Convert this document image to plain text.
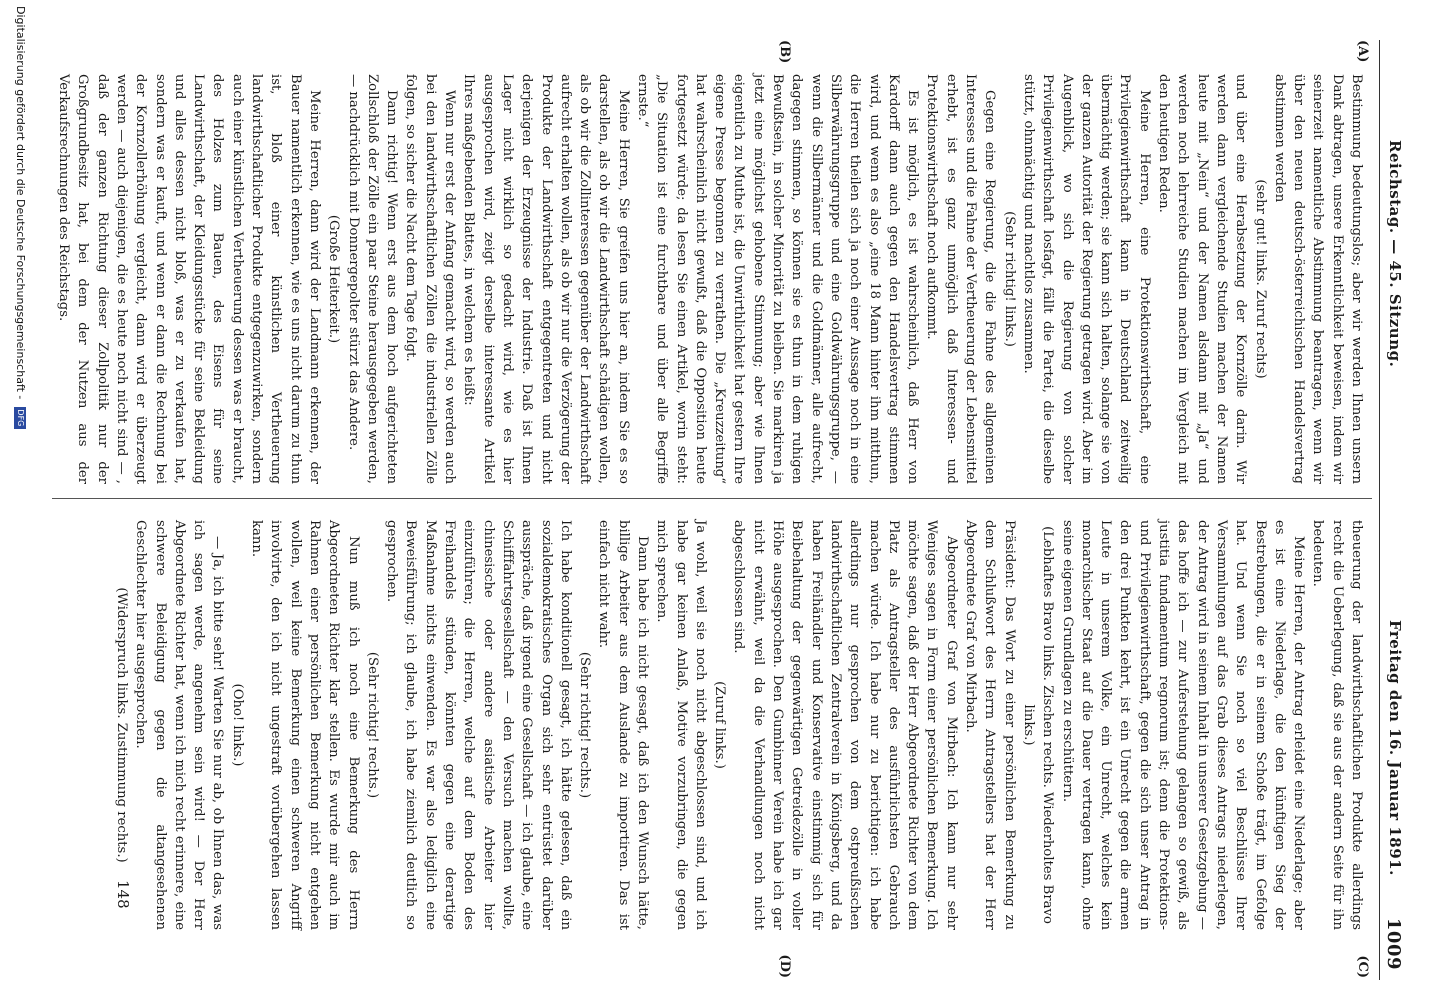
Reichstag. — 45. Sitzung.
Freitag den 16. Januar 1891.
1009
(A)
(B)
(C)
(D)

Bestimmung bedeutungslos; aber wir werden Ihnen unsern Dank abtragen, unsere Erkenntlichkeit beweisen, indem wir seinerzeit namentliche Abstimmung beantragen, wenn wir über den neuen deutsch-österreichischen Handelsvertrag abstimmen werden

(sehr gut! links. Zuruf rechts)

und über eine Herabsetzung der Kornzölle darin. Wir werden dann vergleichende Studien machen der Namen heute mit „Nein“ und der Namen alsdann mit „Ja“ und werden noch lehrreiche Studien machen im Vergleich mit den heutigen Reden.

Meine Herren, eine Protektionswirthschaft, eine Privilegienwirthschaft kann in Deutschland zeitweilig übermächtig werden; sie kann sich halten, solange sie von der ganzen Autorität der Regierung getragen wird. Aber im Augenblick, wo sich die Regierung von solcher Privilegienwirthschaft losfagt, fällt die Partei, die dieselbe stützt, ohnmächtig und machtlos zusammen.

(Sehr richtig! links.)

Gegen eine Regierung, die die Fahne des allgemeinen Interesses und die Fahne der Vertheuerung der Lebensmittel erhebt, ist es ganz unmöglich daß Interessen- und Protektionswirthschaft noch aufkommt.

Es ist möglich, es ist wahrscheinlich, daß Herr von Kardorff dann auch gegen den Handelsvertrag stimmen wird, und wenn es also „eine 18 Mann hinter ihm mitthun, die Herren theilen sich ja noch einer Aussage noch in eine Silberwährungsgruppe und eine Goldwährungsgruppe, — wenn die Silbermänner und die Goldmänner, alle aufrecht, dagegen stimmen, so können sie es thun in dem ruhigen Bewußtsein, in solcher Minorität zu bleiben. Sie markiren ja jetzt eine möglichst gehobene Stimmung; aber wie Ihnen eigentlich zu Muthe ist, die Unwirthlichkeit hat gestern Ihre eigene Presse begonnen zu verrathen. Die „Kreuzzeitung“ hat wahrscheinlich nicht gewußt, daß die Opposition heute fortgesetzt würde; da lesen Sie einen Artikel, worin steht: „Die Situation ist eine furchtbare und über alle Begriffe ernste.“

Meine Herren, Sie greifen uns hier an, indem Sie es so darstellen, als ob wir die Landwirthschaft schädigen wollen, als ob wir die Zollinteressen gegenüber der Landwirthschaft aufrecht erhalten wollen, als ob wir nur die Verzögerung der Produkte der Landwirthschaft entgegentreten und nicht derjenigen der Erzeugnisse der Industrie. Daß ist Ihnen Lager nicht wirklich so gedacht wird, wie es hier ausgesprochen wird, zeigt derselbe interessante Artikel Ihres maßgebenden Blattes, in welchem es heißt:

Wenn nur erst der Anfang gemacht wird, so werden auch bei den landwirthschaftlichen Zöllen die industriellen Zölle folgen, so sicher die Nacht dem Tage folgt.

Dann richtig! Wenn erst aus dem hoch aufgerichteten Zollschloß der Zölle ein paar Steine herausgegeben werden, — nachdrücklich mit Donnergepolter stürzt das Andere.

(Große Heiterkeit.)

Meine Herren, dann wird der Landmann erkennen, der Bauer namentlich erkennen, wie es uns nicht darum zu thun ist, bloß einer künstlichen Vertheuerung landwirthschaftlicher Produkte entgegenzuwirken, sondern auch einer künstlichen Vertheuerung dessen was er braucht, des Holzes zum Bauen, des Eisens für seine Landwirthschaft, der Kleidungsstücke für seine Bekleidung und alles dessen nicht bloß, was er zu verkaufen hat, sondern was er kauft, und wenn er dann die Rechnung bei der Kornzollerhöhung vergleicht, dann wird er überzeugt werden — auch diejenigen, die es heute noch nicht sind — , daß der ganzen Richtung dieser Zollpolitik nur der Großgrundbesitz hat, bei dem der Nutzen aus der Verkaufsrechnungen des Reichstags.

theuerung der landwirthschaftlichen Produkte allerdings recht die Ueberlegung, daß sie aus der andern Seite für ihn bedeuten.

Meine Herren, der Antrag erleidet eine Niederlage; aber es ist eine Niederlage, die den künftigen Sieg der Bestrebungen, die er in seinem Schoße trägt, im Gefolge hat. Und wenn Sie noch so viel Beschlüsse Ihrer Versammlungen auf das Grab dieses Antrags niederlegen, der Antrag wird in seinem Inhalt in unserer Gesetzgebung — das hoffe ich — zur Auferstehung gelangen so gewiß, als justitia fundamentum regnorum ist; denn die Protektions- und Privilegienwirthschaft, gegen die sich unser Antrag in den drei Punkten kehrt, ist ein Unrecht gegen die armen Leute in unserem Volke, ein Unrecht, welches kein monarchischer Staat auf die Dauer vertragen kann, ohne seine eigenen Grundlagen zu erschüttern.

(Lebhaftes Bravo links. Zischen rechts. Wiederholtes Bravo links.)

Präsident: Das Wort zu einer persönlichen Bemerkung zu dem Schlußwort des Herrn Antragstellers hat der Herr Abgeordnete Graf von Mirbach.

Abgeordneter Graf von Mirbach: Ich kann nur sehr Weniges sagen in Form einer persönlichen Bemerkung. Ich möchte sagen, daß der Herr Abgeordnete Richter von dem Platz als Antragsteller des ausführlichsten Gebrauch machen würde. Ich habe nur zu berichtigen: ich habe allerdings nur gesprochen von dem ostpreußischen landwirthschaftlichen Zentralverein in Königsberg, und da haben Freihändler und Konservative einstimmig sich für Beibehaltung der gegenwärtigen Getreidezölle in voller Höhe ausgesprochen. Den Gumbinner Verein habe ich gar nicht erwähnt, weil da die Verhandlungen noch nicht abgeschlossen sind.

(Zuruf links.)

Ja wohl, weil sie noch nicht abgeschlossen sind, und ich habe gar keinen Anlaß, Motive vorzubringen, die gegen mich sprechen.

Dann habe ich nicht gesagt, daß ich den Wunsch hätte, billige Arbeiter aus dem Auslande zu importiren. Das ist einfach nicht wahr.

(Sehr richtig! rechts.)

Ich habe konditionell gesagt, ich hätte gelesen, daß ein sozialdemokratisches Organ sich sehr entrüstet darüber ausspräche, daß irgend eine Gesellschaft — ich glaube, eine Schifffahrtsgesellschaft — den Versuch machen wollte, chinesische oder andere asiatische Arbeiter hier einzuführen; die Herren, welche auf dem Boden des Freihandels stünden, könnten gegen eine derartige Maßnahme nichts einwenden. Es war also lediglich eine Beweisführung; ich glaube, ich habe ziemlich deutlich so gesprochen.

(Sehr richtig! rechts.)

Nun muß ich noch eine Bemerkung des Herrn Abgeordneten Richter klar stellen. Es wurde mir auch im Rahmen einer persönlichen Bemerkung nicht entgehen wollen, weil keine Bemerkung einen schweren Angriff involvirte, den ich nicht ungestraft vorübergehen lassen kann.

(Oho! links.)

— Ja, ich bitte sehr! Warten Sie nur ab, ob Ihnen das, was ich sagen werde, angenehm sein wird! — Der Herr Abgeordnete Richter hat, wenn ich mich recht erinnere, eine schwere Beleidigung gegen die altangesehenen Geschlechter hier ausgesprochen.

(Widerspruch links. Zustimmung rechts.)

148
Digitalisierung gefördert durch die Deutsche Forschungsgemeinschaft - DFG
